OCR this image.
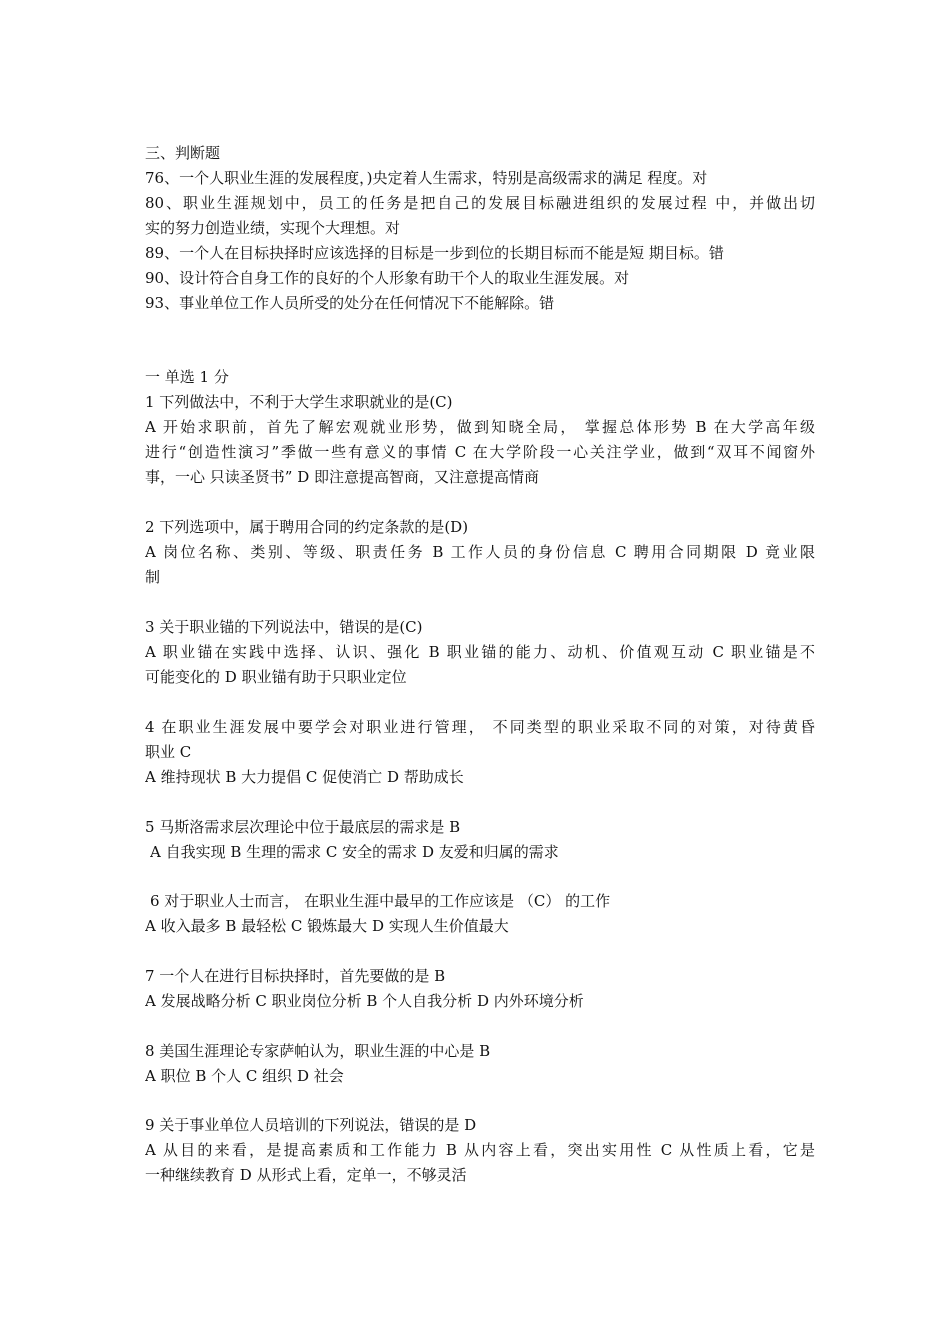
三、判断题
76、一个人职业生涯的发展程度，)央定着人生需求，特别是高级需求的满足 程度。对
80、职业生涯规划中，员工的任务是把自己的发展目标融进组织的发展过程 中，并做出切
实的努力创造业绩，实现个大理想。对
89、一个人在目标抉择时应该选择的目标是一步到位的长期目标而不能是短 期目标。错
90、设计符合自身工作的良好的个人形象有助干个人的取业生涯发展。对
93、事业单位工作人员所受的处分在任何情况下不能解除。错
一 单选 1 分
1 下列做法中，不利于大学生求职就业的是(C)
A 开始求职前，首先了解宏观就业形势，做到知晓全局， 掌握总体形势 B 在大学高年级
进行“创造性演习”季做一些有意义的事情 C 在大学阶段一心关注学业，做到“双耳不闻窗外
事，一心 只读圣贤书” D 即注意提高智商，又注意提高情商
2 下列选项中，属于聘用合同的约定条款的是(D)
A 岗位名称、类别、等级、职责任务 B 工作人员的身份信息 C 聘用合同期限 D 竟业限
制
3 关于职业锚的下列说法中，错误的是(C)
A 职业锚在实践中选择、认识、强化 B 职业锚的能力、动机、价值观互动 C 职业锚是不
可能变化的 D 职业锚有助于只职业定位
4 在职业生涯发展中要学会对职业进行管理， 不同类型的职业采取不同的对策，对待黄昏
职业 C
A 维持现状 B 大力提倡 C 促使消亡 D 帮助成长
5 马斯洛需求层次理论中位于最底层的需求是 B
A 自我实现 B 生理的需求 C 安全的需求 D 友爱和归属的需求
6 对于职业人士而言， 在职业生涯中最早的工作应该是 （C） 的工作
A 收入最多 B 最轻松 C 锻炼最大 D 实现人生价值最大
7 一个人在进行目标抉择时，首先要做的是 B
A 发展战略分析 C 职业岗位分析 B 个人自我分析 D 内外环境分析
8 美国生涯理论专家萨帕认为，职业生涯的中心是 B
A 职位 B 个人 C 组织 D 社会
9 关于事业单位人员培训的下列说法，错误的是 D
A 从目的来看，是提高素质和工作能力 B 从内容上看，突出实用性 C 从性质上看，它是
一种继续教育 D 从形式上看，定单一，不够灵活
